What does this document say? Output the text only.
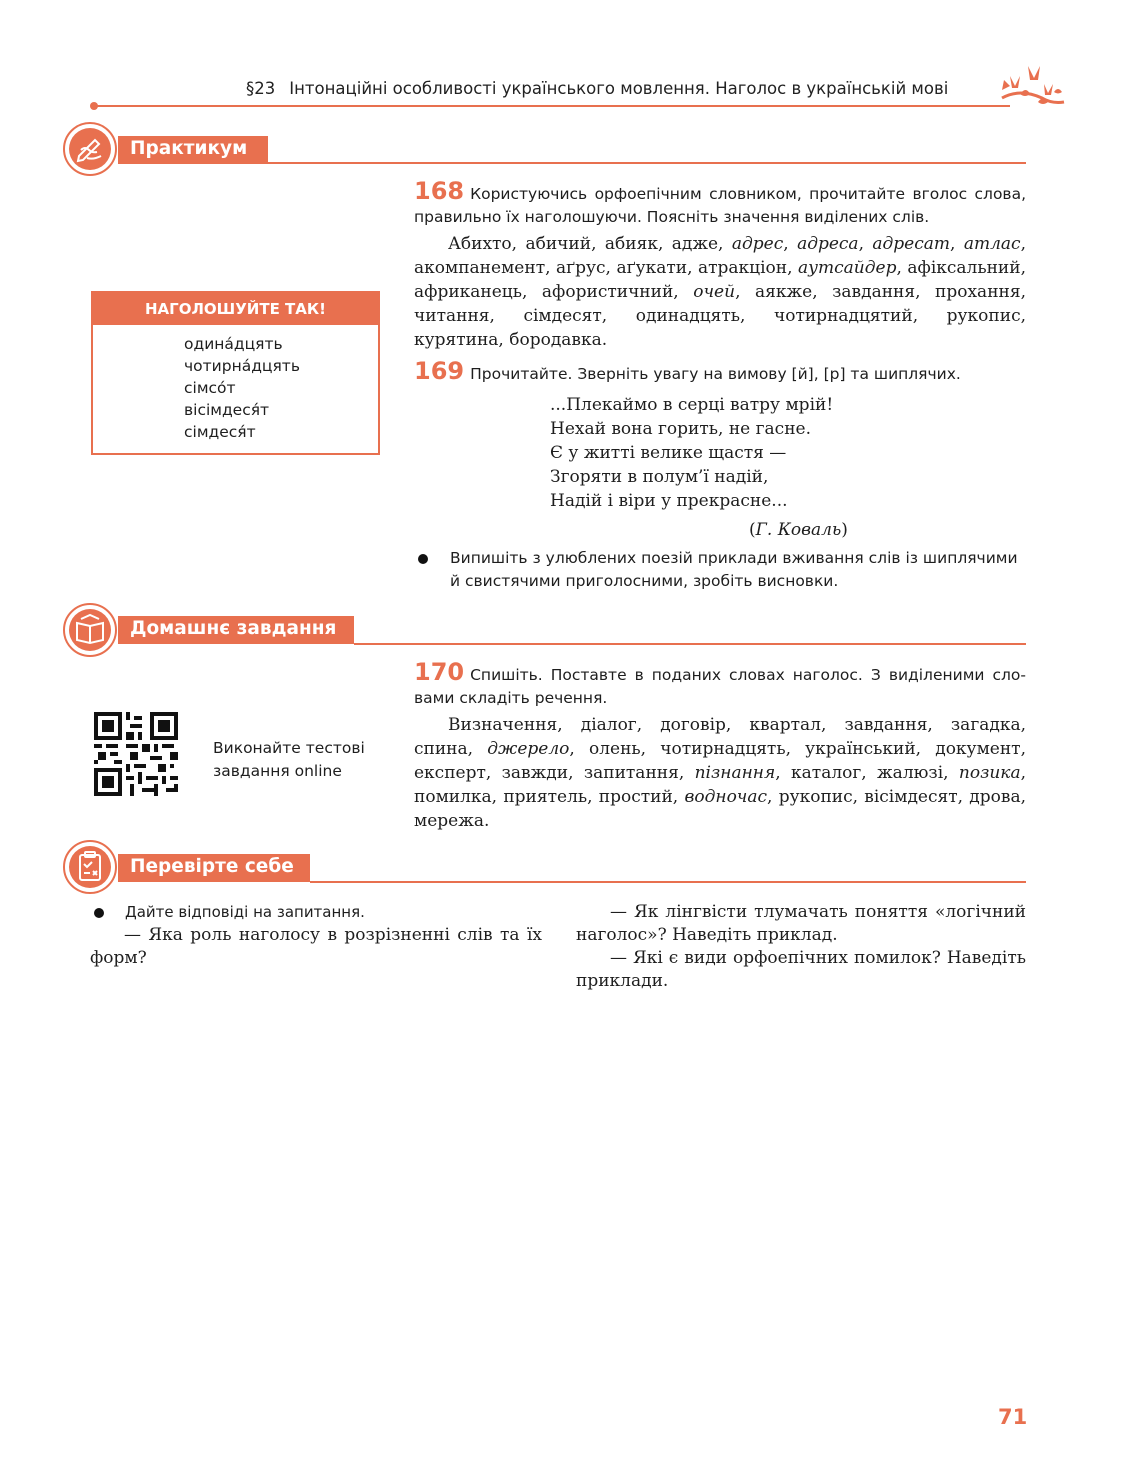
§23 Інтонаційні особливості українського мовлення. Наголос в українській мові
Практикум
168 Користуючись орфоепічним словником, прочитайте вголос слова, правильно їх наголошуючи. Поясніть значення виділених слів.
Абихто, абичий, абияк, адже, адрес, адреса, адресат, атлас, акомпанемент, аґрус, аґукати, атракціон, аутсайдер, афіксальний, африканець, афористичний, очей, аякже, завдання, прохання, читання, сімдесят, одинадцять, чотирнадцятий, рукопис, курятина, бородавка.
НАГОЛОШУЙТЕ ТАК!
одина́дцять
чотирна́дцять
сімсо́т
вісімдеся́т
сімдеся́т
169 Прочитайте. Зверніть увагу на вимову [й], [р] та шиплячих.
...Плекаймо в серці ватру мрій!
Нехай вона горить, не гасне.
Є у житті велике щастя —
Згоряти в полум’ї надій,
Надій і віри у прекрасне...
(Г. Коваль)
Випишіть з улюблених поезій приклади вживання слів із шиплячими й свистячими приголосними, зробіть висновки.
Домашнє завдання
Виконайте тестові завдання online
170 Спишіть. Поставте в поданих словах наголос. З виділеними словами складіть речення.
Визначення, діалог, договір, квартал, завдання, загадка, спина, джерело, олень, чотирнадцять, український, документ, експерт, завжди, запитання, пізнання, каталог, жалюзі, позика, помилка, приятель, простий, водночас, рукопис, вісімдесят, дрова, мережа.
Перевірте себе
Дайте відповіді на запитання.
— Яка роль наголосу в розрізненні слів та їх форм?
— Як лінгвісти тлумачать поняття «логічний наголос»? Наведіть приклад.
— Які є види орфоепічних помилок? Наведіть приклади.
71
